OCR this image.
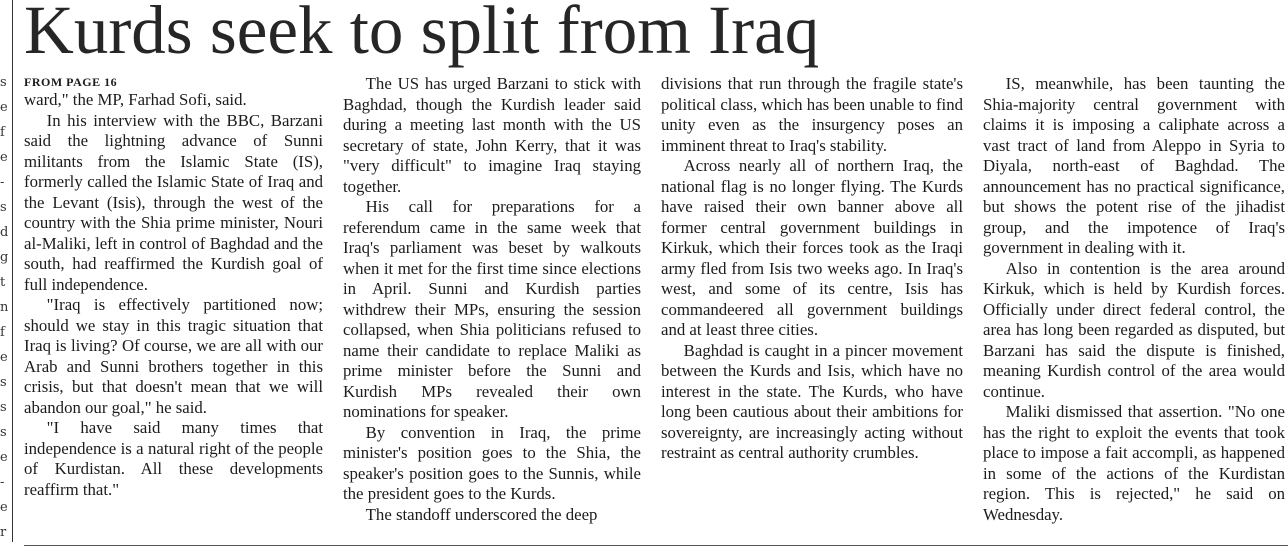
s
e
f
e
-
s
d
g
t
n
f
e
s
s
s
e
-
e
r
Kurds seek to split from Iraq

FROM PAGE 16

ward," the MP, Farhad Sofi, said.

In his interview with the BBC, Barzani said the lightning advance of Sunni militants from the Islamic State (IS), formerly called the Islamic State of Iraq and the Levant (Isis), through the west of the country with the Shia prime minister, Nouri al-Maliki, left in control of Baghdad and the south, had reaffirmed the Kurdish goal of full independence.

"Iraq is effectively partitioned now; should we stay in this tragic situation that Iraq is living? Of course, we are all with our Arab and Sunni brothers together in this crisis, but that doesn't mean that we will abandon our goal," he said.

"I have said many times that independence is a natural right of the people of Kurdistan. All these developments reaffirm that."

The US has urged Barzani to stick with Baghdad, though the Kurdish leader said during a meeting last month with the US secretary of state, John Kerry, that it was "very difficult" to imagine Iraq staying together.

His call for preparations for a referendum came in the same week that Iraq's parliament was beset by walkouts when it met for the first time since elections in April. Sunni and Kurdish parties withdrew their MPs, ensuring the session collapsed, when Shia politicians refused to name their candidate to replace Maliki as prime minister before the Sunni and Kurdish MPs revealed their own nominations for speaker.

By convention in Iraq, the prime minister's position goes to the Shia, the speaker's position goes to the Sunnis, while the president goes to the Kurds.

The standoff underscored the deep

divisions that run through the fragile state's political class, which has been unable to find unity even as the insurgency poses an imminent threat to Iraq's stability.

Across nearly all of northern Iraq, the national flag is no longer flying. The Kurds have raised their own banner above all former central government buildings in Kirkuk, which their forces took as the Iraqi army fled from Isis two weeks ago. In Iraq's west, and some of its centre, Isis has commandeered all government buildings and at least three cities.

Baghdad is caught in a pincer movement between the Kurds and Isis, which have no interest in the state. The Kurds, who have long been cautious about their ambitions for sovereignty, are increasingly acting without restraint as central authority crumbles.

IS, meanwhile, has been taunting the Shia-majority central government with claims it is imposing a caliphate across a vast tract of land from Aleppo in Syria to Diyala, north-east of Baghdad. The announcement has no practical significance, but shows the potent rise of the jihadist group, and the impotence of Iraq's government in dealing with it.

Also in contention is the area around Kirkuk, which is held by Kurdish forces. Officially under direct federal control, the area has long been regarded as disputed, but Barzani has said the dispute is finished, meaning Kurdish control of the area would continue.

Maliki dismissed that assertion. "No one has the right to exploit the events that took place to impose a fait accompli, as happened in some of the actions of the Kurdistan region. This is rejected," he said on Wednesday.
